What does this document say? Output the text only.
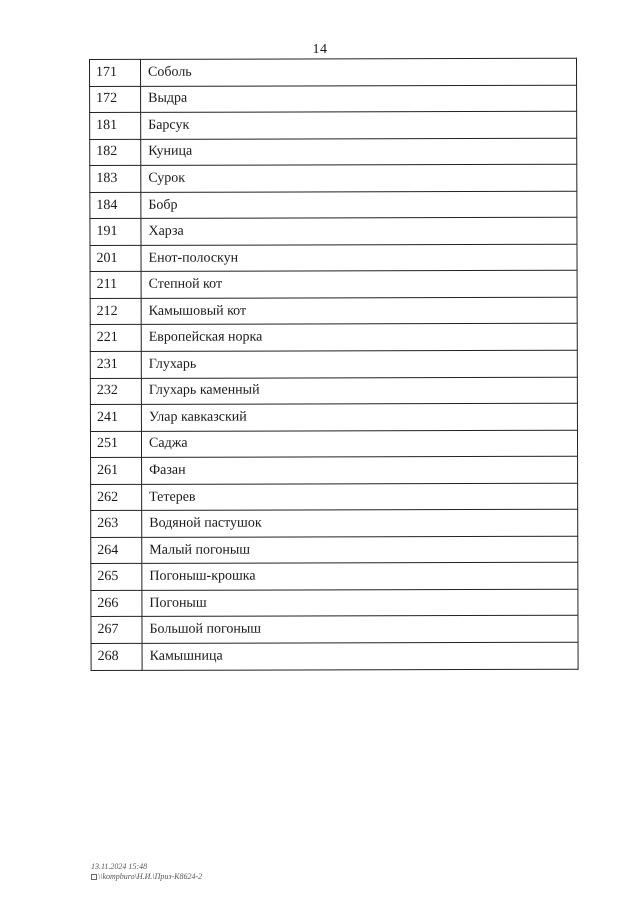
14
171	Соболь
172	Выдра
181	Барсук
182	Куница
183	Сурок
184	Бобр
191	Харза
201	Енот-полоскун
211	Степной кот
212	Камышовый кот
221	Европейская норка
231	Глухарь
232	Глухарь каменный
241	Улар кавказский
251	Саджа
261	Фазан
262	Тетерев
263	Водяной пастушок
264	Малый погоныш
265	Погоныш-крошка
266	Погоныш
267	Большой погоныш
268	Камышница
13.11.2024 15:48
\\kompburo\Н.И.\Приз-К8624-2
